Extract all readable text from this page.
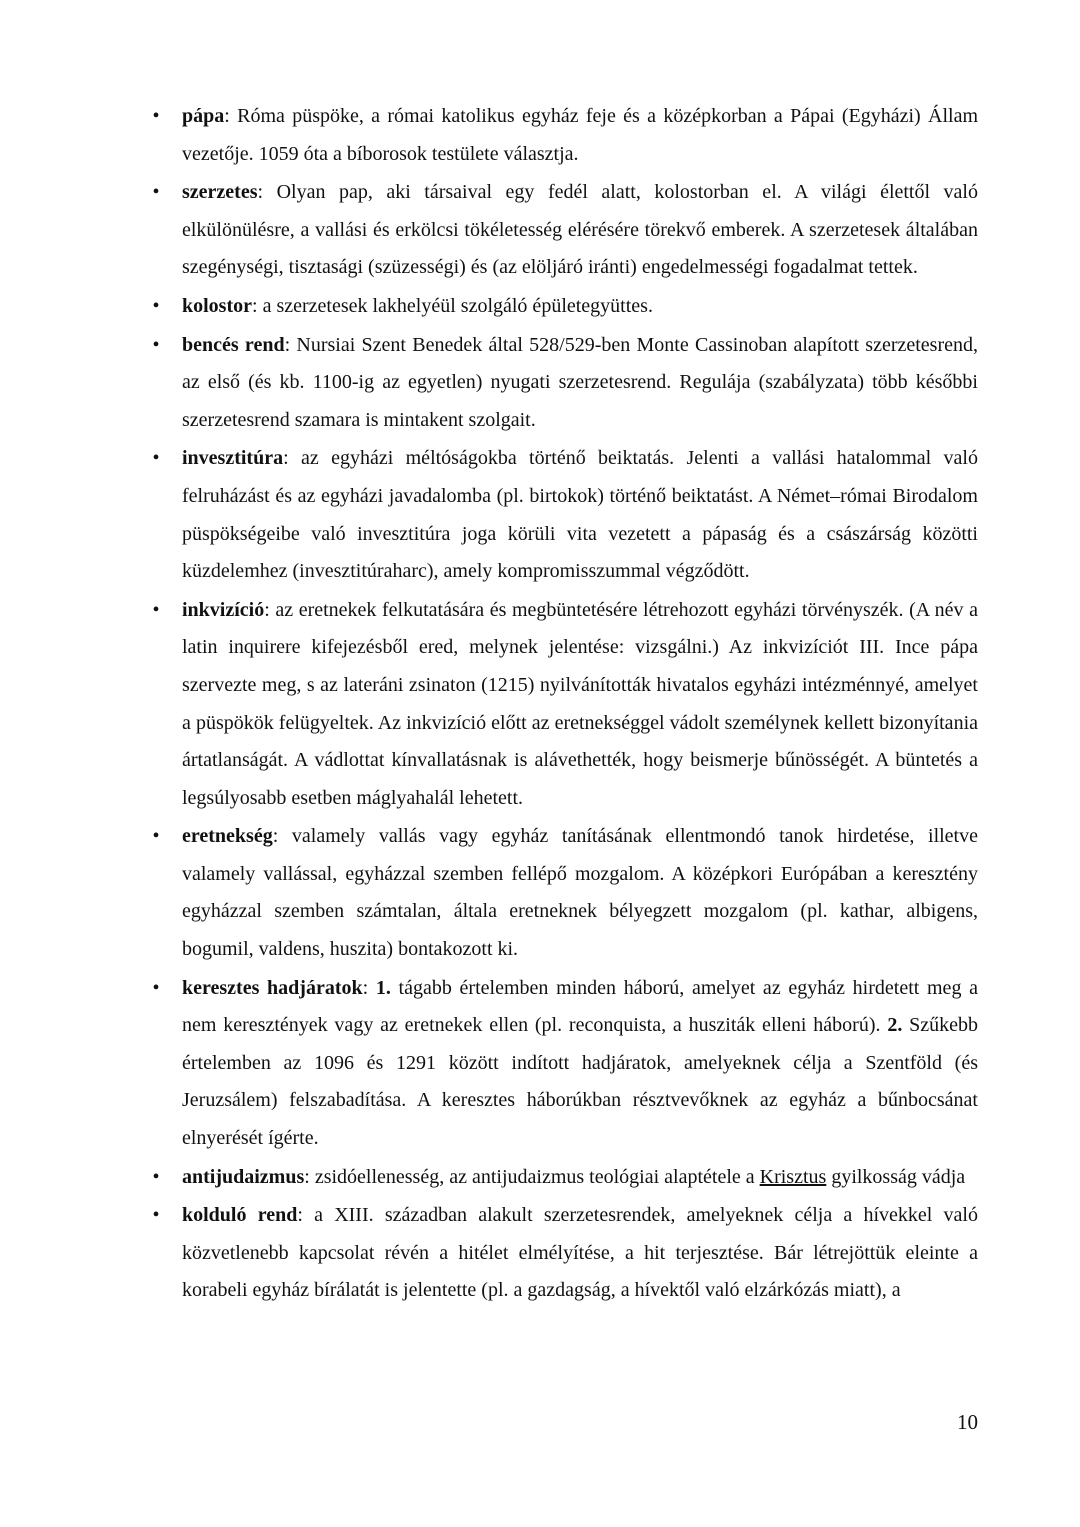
•	pápa: Róma püspöke, a római katolikus egyház feje és a középkorban a Pápai (Egyházi) Állam vezetője. 1059 óta a bíborosok testülete választja.
•	szerzetes: Olyan pap, aki társaival egy fedél alatt, kolostorban el. A világi élettől való elkülönülésre, a vallási és erkölcsi tökéletesség elérésére törekvő emberek. A szerzetesek általában szegénységi, tisztasági (szüzességi) és (az elöljáró iránti) engedelmességi fogadalmat tettek.
•	kolostor: a szerzetesek lakhelyéül szolgáló épületegyüttes.
•	bencés rend: Nursiai Szent Benedek által 528/529-ben Monte Cassinoban alapított szerzetesrend, az első (és kb. 1100-ig az egyetlen) nyugati szerzetesrend. Regulája (szabályzata) több későbbi szerzetesrend szamara is mintakent szolgait.
•	invesztitúra: az egyházi méltóságokba történő beiktatás. Jelenti a vallási hatalommal való felruházást és az egyházi javadalomba (pl. birtokok) történő beiktatást. A Német–római Birodalom püspökségeibe való invesztitúra joga körüli vita vezetett a pápaság és a császárság közötti küzdelemhez (invesztitúraharc), amely kompromisszummal végződött.
•	inkvizíció: az eretnekek felkutatására és megbüntetésére létrehozott egyházi törvényszék. (A név a latin inquirere kifejezésből ered, melynek jelentése: vizsgálni.) Az inkvizíciót III. Ince pápa szervezte meg, s az lateráni zsinaton (1215) nyilvánították hivatalos egyházi intézménnyé, amelyet a püspökök felügyeltek. Az inkvizíció előtt az eretnekséggel vádolt személynek kellett bizonyítania ártatlanságát. A vádlottat kínvallatásnak is alávethették, hogy beismerje bűnösségét. A büntetés a legsúlyosabb esetben máglyahalál lehetett.
•	eretnekség: valamely vallás vagy egyház tanításának ellentmondó tanok hirdetése, illetve valamely vallással, egyházzal szemben fellépő mozgalom. A középkori Európában a keresztény egyházzal szemben számtalan, általa eretneknek bélyegzett mozgalom (pl. kathar, albigens, bogumil, valdens, huszita) bontakozott ki.
•	keresztes hadjáratok: 1. tágabb értelemben minden háború, amelyet az egyház hirdetett meg a nem keresztények vagy az eretnekek ellen (pl. reconquista, a husziták elleni háború). 2. Szűkebb értelemben az 1096 és 1291 között indított hadjáratok, amelyeknek célja a Szentföld (és Jeruzsálem) felszabadítása. A keresztes háborúkban résztvevőknek az egyház a bűnbocsánat elnyerését ígérte.
•	antijudaizmus: zsidóellenesség, az antijudaizmus teológiai alaptétele a Krisztus gyilkosság vádja
•	kolduló rend: a XIII. században alakult szerzetesrendek, amelyeknek célja a hívekkel való közvetlenebb kapcsolat révén a hitélet elmélyítése, a hit terjesztése. Bár létrejöttük eleinte a korabeli egyház bírálatát is jelentette (pl. a gazdagság, a hívektől való elzárkózás miatt), a
10
